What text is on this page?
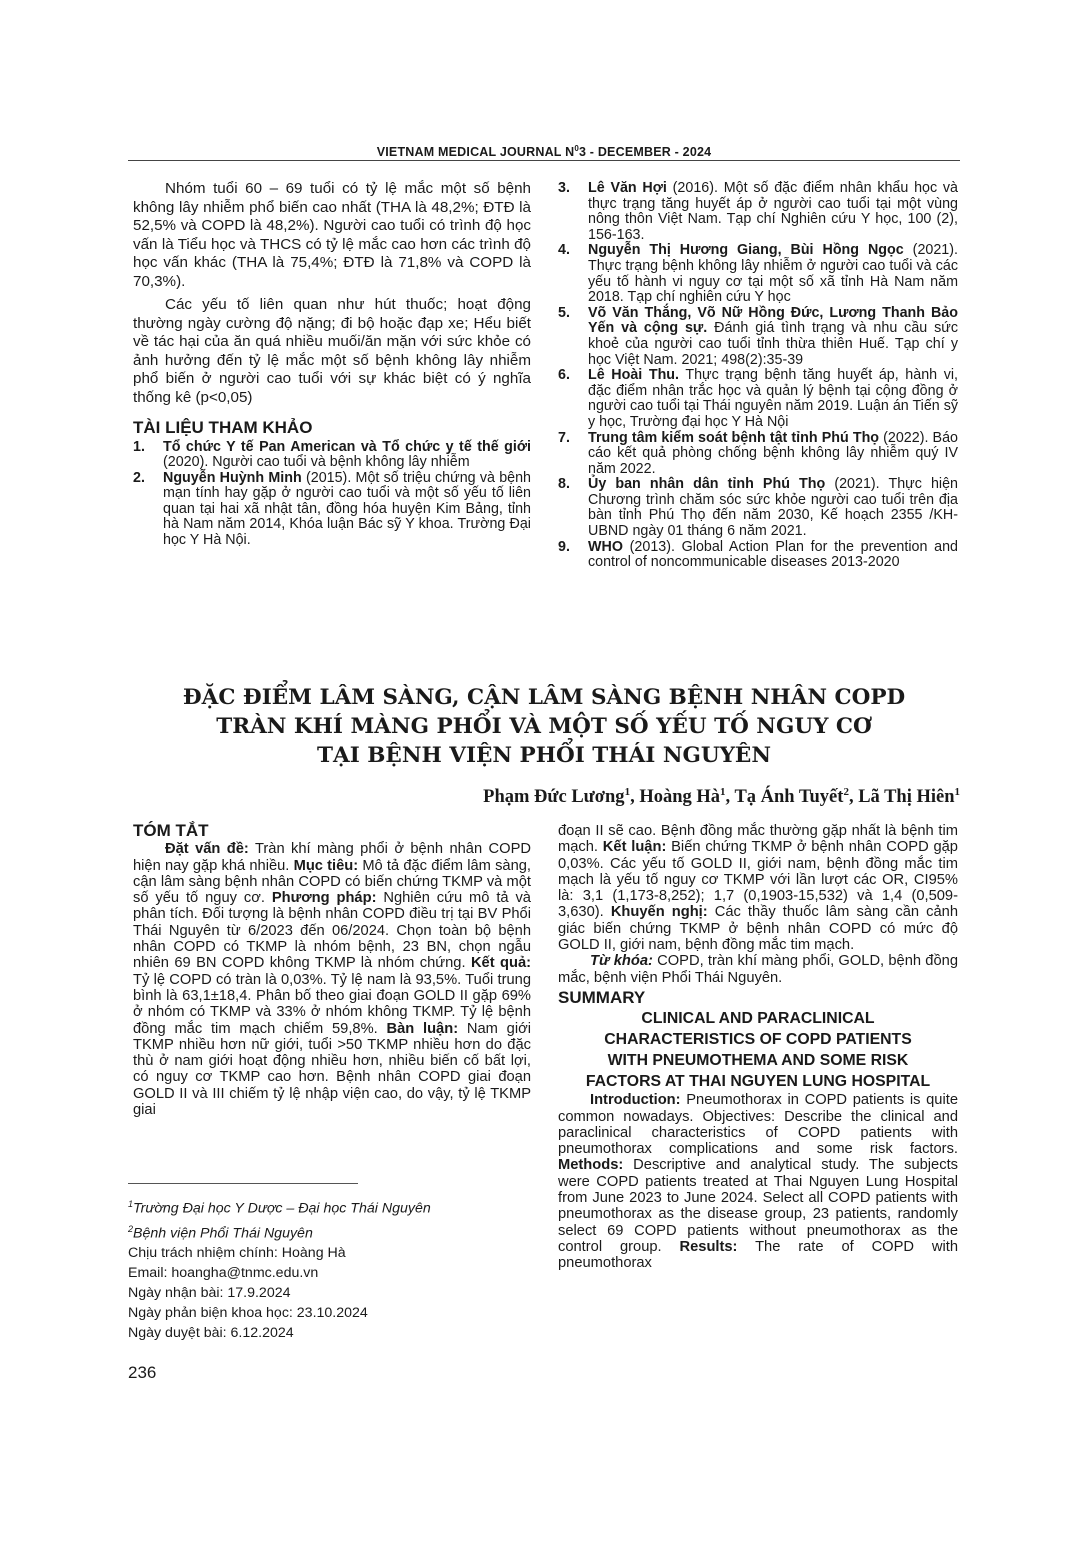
VIETNAM MEDICAL JOURNAL $N^03$ - DECEMBER - 2024

Nhóm tuổi 60 – 69 tuổi có tỷ lệ mắc một số bệnh không lây nhiễm phổ biến cao nhất (THA là 48,2%; ĐTĐ là 52,5% và COPD là 48,2%). Người cao tuổi có trình độ học vấn là Tiểu học và THCS có tỷ lệ mắc cao hơn các trình độ học vấn khác (THA là 75,4%; ĐTĐ là 71,8% và COPD là 70,3%).

Các yếu tố liên quan như hút thuốc; hoạt động thường ngày cường độ nặng; đi bộ hoặc đạp xe; Hểu biết về tác hại của ăn quá nhiều muối/ăn mặn với sức khỏe có ảnh hưởng đến tỷ lệ mắc một số bệnh không lây nhiễm phổ biến ở người cao tuổi với sự khác biệt có ý nghĩa thống kê (p<0,05)

TÀI LIỆU THAM KHẢO

1.	Tổ chức Y tế Pan American và Tổ chức y tế thế giới (2020). Người cao tuổi và bệnh không lây nhiễm
2.	Nguyễn Huỳnh Minh (2015). Một số triệu chứng và bệnh mạn tính hay gặp ở người cao tuổi và một số yếu tố liên quan tại hai xã nhật tân, đồng hóa huyện Kim Bảng, tỉnh hà Nam năm 2014, Khóa luận Bác sỹ Y khoa. Trường Đại học Y Hà Nội.
3.	Lê Văn Hợi (2016). Một số đặc điểm nhân khẩu học và thực trạng tăng huyết áp ở người cao tuổi tại một vùng nông thôn Việt Nam. Tạp chí Nghiên cứu Y học, 100 (2), 156-163.
4.	Nguyễn Thị Hương Giang, Bùi Hồng Ngọc (2021). Thực trạng bệnh không lây nhiễm ở người cao tuổi và các yếu tố hành vi nguy cơ tại một số xã tỉnh Hà Nam năm 2018. Tạp chí nghiên cứu Y học
5.	Võ Văn Thắng, Võ Nữ Hồng Đức, Lương Thanh Bảo Yến và cộng sự. Đánh giá tình trạng và nhu cầu sức khoẻ của người cao tuổi tỉnh thừa thiên Huế. Tạp chí y học Việt Nam. 2021; 498(2):35-39
6.	Lê Hoài Thu. Thực trạng bệnh tăng huyết áp, hành vi, đặc điểm nhân trắc học và quản lý bệnh tại cộng đồng ở người cao tuổi tại Thái nguyên năm 2019. Luận án Tiến sỹ y học, Trường đại học Y Hà Nội
7.	Trung tâm kiểm soát bệnh tật tỉnh Phú Thọ (2022). Báo cáo kết quả phòng chống bệnh không lây nhiễm quý IV năm 2022.
8.	Ủy ban nhân dân tỉnh Phú Thọ (2021). Thực hiện Chương trình chăm sóc sức khỏe người cao tuổi trên địa bàn tỉnh Phú Thọ đến năm 2030, Kế hoạch 2355 /KH-UBND ngày 01 tháng 6 năm 2021.
9.	WHO (2013). Global Action Plan for the prevention and control of noncommunicable diseases 2013-2020
ĐẶC ĐIỂM LÂM SÀNG, CẬN LÂM SÀNG BỆNH NHÂN COPD
TRÀN KHÍ MÀNG PHỔI VÀ MỘT SỐ YẾU TỐ NGUY CƠ
TẠI BỆNH VIỆN PHỔI THÁI NGUYÊN
Phạm Đức Lương$^1$, Hoàng $Hà^1$, Tạ Ánh Tuyết$^2$, Lã Thị Hiên$^1$

TÓM TẮT

Đặt vấn đề: Tràn khí màng phổi ở bệnh nhân COPD hiện nay gặp khá nhiều. Mục tiêu: Mô tả đặc điểm lâm sàng, cận lâm sàng bệnh nhân COPD có biến chứng TKMP và một số yếu tố nguy cơ. Phương pháp: Nghiên cứu mô tả và phân tích. Đối tượng là bệnh nhân COPD điều trị tại BV Phổi Thái Nguyên từ 6/2023 đến 06/2024. Chọn toàn bộ bệnh nhân COPD có TKMP là nhóm bệnh, 23 BN, chọn ngẫu nhiên 69 BN COPD không TKMP là nhóm chứng. Kết quả: Tỷ lệ COPD có tràn là 0,03%. Tỷ lệ nam là 93,5%. Tuổi trung bình là 63,1±18,4. Phân bố theo giai đoạn GOLD II gặp 69% ở nhóm có TKMP và 33% ở nhóm không TKMP. Tỷ lệ bệnh đồng mắc tim mạch chiếm 59,8%. Bàn luận: Nam giới TKMP nhiều hơn nữ giới, tuổi >50 TKMP nhiều hơn do đặc thù ở nam giới hoạt động nhiều hơn, nhiều biến cố bất lợi, có nguy cơ TKMP cao hơn. Bệnh nhân COPD giai đoạn GOLD II và III chiếm tỷ lệ nhập viện cao, do vậy, tỷ lệ TKMP giai

$^1$Trường Đại học Y Dược – Đại học Thái Nguyên
$^2$Bệnh viện Phổi Thái Nguyên
Chịu trách nhiệm chính: Hoàng Hà
Email: hoangha@tnmc.edu.vn
Ngày nhận bài: 17.9.2024
Ngày phản biện khoa học: 23.10.2024
Ngày duyệt bài: 6.12.2024
236

đoạn II sẽ cao. Bệnh đồng mắc thường gặp nhất là bệnh tim mạch. Kết luận: Biến chứng TKMP ở bệnh nhân COPD gặp 0,03%. Các yếu tố GOLD II, giới nam, bệnh đồng mắc tim mạch là yếu tố nguy cơ TKMP với lần lượt các OR, CI95% là: 3,1 (1,173-8,252); 1,7 (0,1903-15,532) và 1,4 (0,509-3,630). Khuyến nghị: Các thầy thuốc lâm sàng cần cảnh giác biến chứng TKMP ở bệnh nhân COPD có mức độ GOLD II, giới nam, bệnh đồng mắc tim mạch.

Từ khóa: COPD, tràn khí màng phổi, GOLD, bệnh đồng mắc, bệnh viện Phổi Thái Nguyên.

SUMMARY

CLINICAL AND PARACLINICAL
CHARACTERISTICS OF COPD PATIENTS
WITH PNEUMOTHEMA AND SOME RISK
FACTORS AT THAI NGUYEN LUNG HOSPITAL

Introduction: Pneumothorax in COPD patients is quite common nowadays. Objectives: Describe the clinical and paraclinical characteristics of COPD patients with pneumothorax complications and some risk factors. Methods: Descriptive and analytical study. The subjects were COPD patients treated at Thai Nguyen Lung Hospital from June 2023 to June 2024. Select all COPD patients with pneumothorax as the disease group, 23 patients, randomly select 69 COPD patients without pneumothorax as the control group. Results: The rate of COPD with pneumothorax
